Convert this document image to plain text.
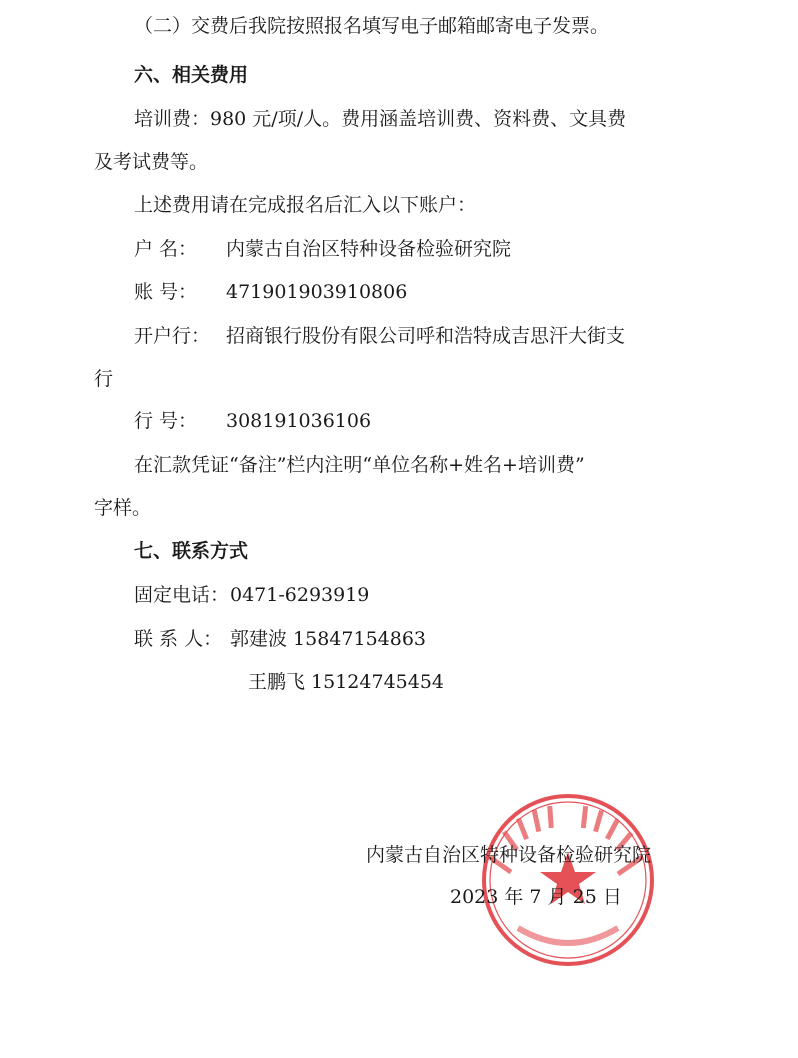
（二）交费后我院按照报名填写电子邮箱邮寄电子发票。
六、相关费用
培训费：980 元/项/人。费用涵盖培训费、资料费、文具费
及考试费等。
上述费用请在完成报名后汇入以下账户：
户 名： 内蒙古自治区特种设备检验研究院
账 号： 471901903910806
开户行： 招商银行股份有限公司呼和浩特成吉思汗大街支
行
行 号： 308191036106
在汇款凭证“备注”栏内注明“单位名称+姓名+培训费”
字样。
七、联系方式
固定电话：0471-6293919
联 系 人： 郭建波 15847154863
王鹏飞 15124745454
内蒙古自治区特种设备检验研究院
2023 年 7 月 25 日
